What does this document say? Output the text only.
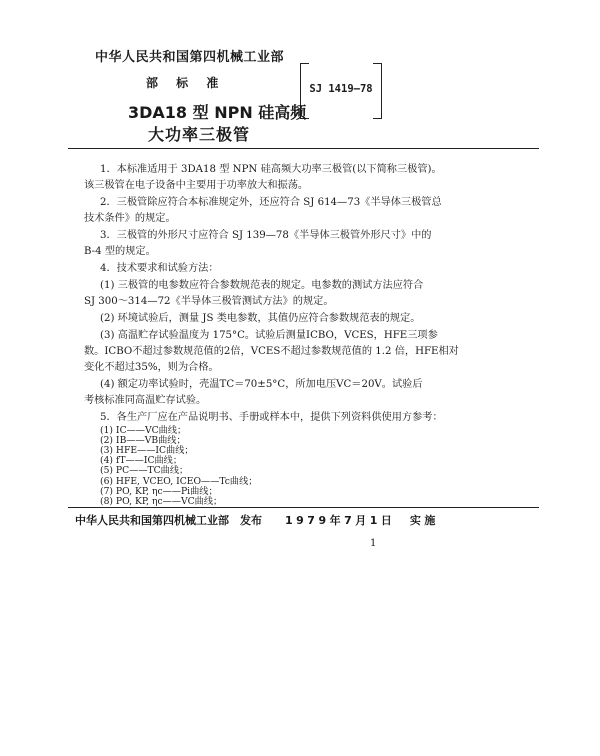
中华人民共和国第四机械工业部
部 标 准	SJ 1419—78
3DA18 型 NPN 硅高频
大功率三极管
1．本标准适用于 3DA18 型 NPN 硅高频大功率三极管(以下简称三极管)。
该三极管在电子设备中主要用于功率放大和振荡。
2．三极管除应符合本标准规定外，还应符合 SJ 614—73《半导体三极管总
技术条件》的规定。
3．三极管的外形尺寸应符合 SJ 139—78《半导体三极管外形尺寸》中的
B-4 型的规定。
4．技术要求和试验方法：
(1) 三极管的电参数应符合参数规范表的规定。电参数的测试方法应符合
SJ 300～314—72《半导体三极管测试方法》的规定。
(2) 环境试验后，测量 JS 类电参数，其值仍应符合参数规范表的规定。
(3) 高温贮存试验温度为 175°C。试验后测量ICBO，VCES，HFE三项参
数。ICBO不超过参数规范值的2倍，VCES不超过参数规范值的 1.2 倍，HFE相对
变化不超过35%，则为合格。
(4) 额定功率试验时，壳温TC＝70±5°C，所加电压VC＝20V。试验后
考核标准同高温贮存试验。
5．各生产厂应在产品说明书、手册或样本中，提供下列资料供使用方参考：
(1) IC——VC曲线；
(2) IB——VB曲线；
(3) HFE——IC曲线；
(4) fT——IC曲线；
(5) PC——TC曲线；
(6) HFE, VCEO, ICEO——Tc曲线；
(7) PO, KP, ηc——Pi曲线；
(8) PO, KP, ηc——VC曲线；
中华人民共和国第四机械工业部　发布 1979年7月1日　实施
1
